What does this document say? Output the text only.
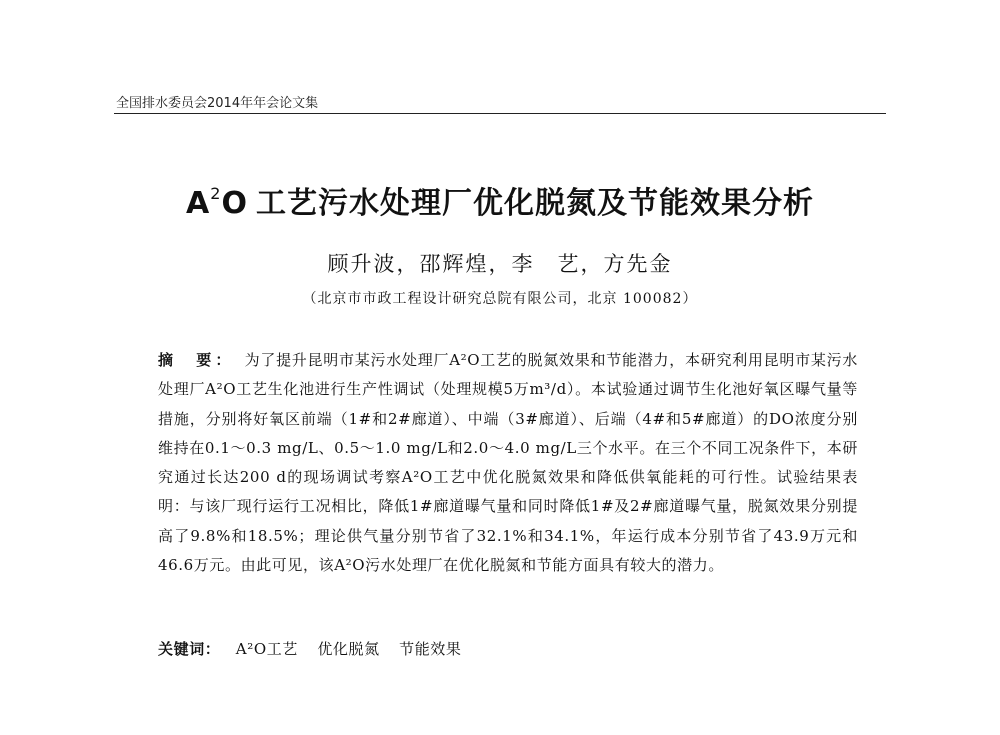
全国排水委员会2014年年会论文集
$A^2O$ 工艺污水处理厂优化脱氮及节能效果分析
顾升波，邵辉煌，李　艺，方先金
（北京市市政工程设计研究总院有限公司，北京 100082）
摘　要： 为了提升昆明市某污水处理厂A²O工艺的脱氮效果和节能潜力，本研究利用昆明市某污水处理厂A²O工艺生化池进行生产性调试（处理规模5万m³/d）。本试验通过调节生化池好氧区曝气量等措施，分别将好氧区前端（1#和2#廊道）、中端（3#廊道）、后端（4#和5#廊道）的DO浓度分别维持在0.1～0.3 mg/L、0.5～1.0 mg/L和2.0～4.0 mg/L三个水平。在三个不同工况条件下，本研究通过长达200 d的现场调试考察A²O工艺中优化脱氮效果和降低供氧能耗的可行性。试验结果表明：与该厂现行运行工况相比，降低1#廊道曝气量和同时降低1#及2#廊道曝气量，脱氮效果分别提高了9.8%和18.5%；理论供气量分别节省了32.1%和34.1%，年运行成本分别节省了43.9万元和46.6万元。由此可见，该A²O污水处理厂在优化脱氮和节能方面具有较大的潜力。
关键词： A²O工艺 优化脱氮 节能效果
